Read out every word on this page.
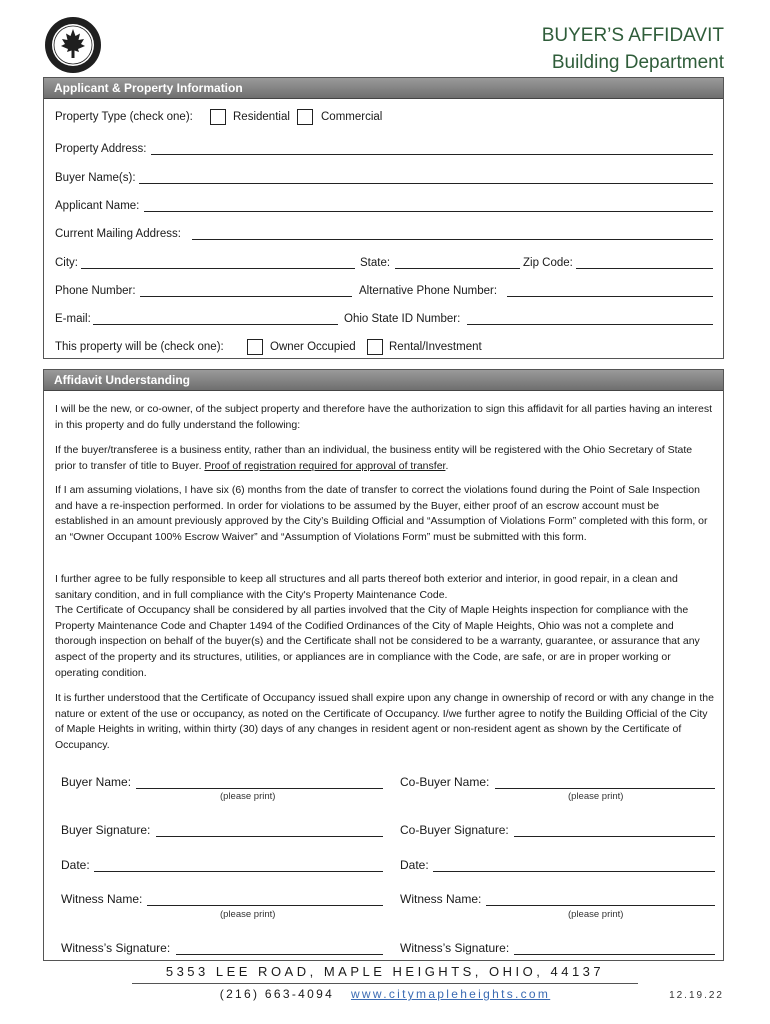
BUYER’S AFFIDAVIT
Building Department
Applicant & Property Information
Property Type (check one):	Residential	Commercial
Property Address:
Buyer Name(s):
Applicant Name:
Current Mailing Address:
City:	State:	Zip Code:
Phone Number:	Alternative Phone Number:
E-mail:	Ohio State ID Number:
This property will be (check one):	Owner Occupied	Rental/Investment
Affidavit Understanding
I will be the new, or co-owner, of the subject property and therefore have the authorization to sign this affidavit for all parties having an interest in this property and do fully understand the following:
If the buyer/transferee is a business entity, rather than an individual, the business entity will be registered with the Ohio Secretary of State prior to transfer of title to Buyer. Proof of registration required for approval of transfer.
If I am assuming violations, I have six (6) months from the date of transfer to correct the violations found during the Point of Sale Inspection and have a re-inspection performed. In order for violations to be assumed by the Buyer, either proof of an escrow account must be established in an amount previously approved by the City’s Building Official and “Assumption of Violations Form” completed with this form, or an “Owner Occupant 100% Escrow Waiver” and “Assumption of Violations Form” must be submitted with this form.
I further agree to be fully responsible to keep all structures and all parts thereof both exterior and interior, in good repair, in a clean and sanitary condition, and in full compliance with the City's Property Maintenance Code.
The Certificate of Occupancy shall be considered by all parties involved that the City of Maple Heights inspection for compliance with the Property Maintenance Code and Chapter 1494 of the Codified Ordinances of the City of Maple Heights, Ohio was not a complete and thorough inspection on behalf of the buyer(s) and the Certificate shall not be considered to be a warranty, guarantee, or assurance that any aspect of the property and its structures, utilities, or appliances are in compliance with the Code, are safe, or are in proper working or operating condition.
It is further understood that the Certificate of Occupancy issued shall expire upon any change in ownership of record or with any change in the nature or extent of the use or occupancy, as noted on the Certificate of Occupancy. I/we further agree to notify the Building Official of the City of Maple Heights in writing, within thirty (30) days of any changes in resident agent or non-resident agent as shown by the Certificate of Occupancy.
Buyer Name:
(please print)
Co-Buyer Name:
(please print)
Buyer Signature:	Co-Buyer Signature:
Date:	Date:
Witness Name:
(please print)
Witness Name:
(please print)
Witness’s Signature:	Witness’s Signature:
5353 LEE ROAD, MAPLE HEIGHTS, OHIO, 44137
(216) 663-4094 www.citymapleheights.com	12.19.22
